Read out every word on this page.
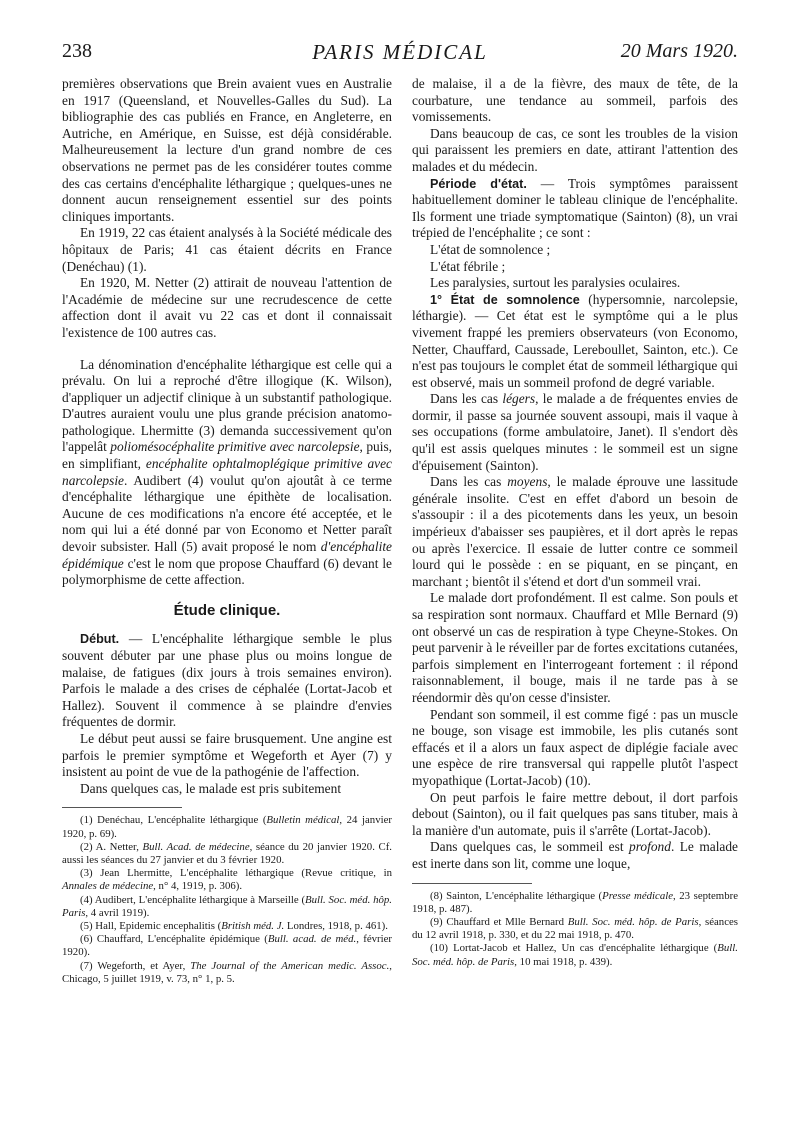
238	PARIS MÉDICAL	20 Mars 1920.

premières observations que Brein avaient vues en Australie en 1917 (Queensland, et Nouvelles-Galles du Sud). La bibliographie des cas publiés en France, en Angleterre, en Autriche, en Amérique, en Suisse, est déjà considérable. Malheureusement la lecture d'un grand nombre de ces observations ne permet pas de les considérer toutes comme des cas certains d'encéphalite léthargique ; quelques-unes ne donnent aucun renseignement essentiel sur des points cliniques importants.

En 1919, 22 cas étaient analysés à la Société médicale des hôpitaux de Paris; 41 cas étaient décrits en France (Denéchau) (1).

En 1920, M. Netter (2) attirait de nouveau l'attention de l'Académie de médecine sur une recrudescence de cette affection dont il avait vu 22 cas et dont il connaissait l'existence de 100 autres cas.

La dénomination d'encéphalite léthargique est celle qui a prévalu. On lui a reproché d'être illogique (K. Wilson), d'appliquer un adjectif clinique à un substantif pathologique. D'autres auraient voulu une plus grande précision anatomo-pathologique. Lhermitte (3) demanda successivement qu'on l'appelât poliomésocéphalite primitive avec narcolepsie, puis, en simplifiant, encéphalite ophtalmoplégique primitive avec narcolepsie. Audibert (4) voulut qu'on ajoutât à ce terme d'encéphalite léthargique une épithète de localisation. Aucune de ces modifications n'a encore été acceptée, et le nom qui lui a été donné par von Economo et Netter paraît devoir subsister. Hall (5) avait proposé le nom d'encéphalite épidémique c'est le nom que propose Chauffard (6) devant le polymorphisme de cette affection.

Étude clinique.

Début. — L'encéphalite léthargique semble le plus souvent débuter par une phase plus ou moins longue de malaise, de fatigues (dix jours à trois semaines environ). Parfois le malade a des crises de céphalée (Lortat-Jacob et Hallez). Souvent il commence à se plaindre d'envies fréquentes de dormir.

Le début peut aussi se faire brusquement. Une angine est parfois le premier symptôme et Wegeforth et Ayer (7) y insistent au point de vue de la pathogénie de l'affection.

Dans quelques cas, le malade est pris subitement

(1) Denéchau, L'encéphalite léthargique (Bulletin médical, 24 janvier 1920, p. 69).

(2) A. Netter, Bull. Acad. de médecine, séance du 20 janvier 1920. Cf. aussi les séances du 27 janvier et du 3 février 1920.

(3) Jean Lhermitte, L'encéphalite léthargique (Revue critique, in Annales de médecine, n° 4, 1919, p. 306).

(4) Audibert, L'encéphalite léthargique à Marseille (Bull. Soc. méd. hôp. Paris, 4 avril 1919).

(5) Hall, Epidemic encephalitis (British méd. J. Londres, 1918, p. 461).

(6) Chauffard, L'encéphalite épidémique (Bull. acad. de méd., février 1920).

(7) Wegeforth, et Ayer, The Journal of the American medic. Assoc., Chicago, 5 juillet 1919, v. 73, n° 1, p. 5.

de malaise, il a de la fièvre, des maux de tête, de la courbature, une tendance au sommeil, parfois des vomissements.

Dans beaucoup de cas, ce sont les troubles de la vision qui paraissent les premiers en date, attirant l'attention des malades et du médecin.

Période d'état. — Trois symptômes paraissent habituellement dominer le tableau clinique de l'encéphalite. Ils forment une triade symptomatique (Sainton) (8), un vrai trépied de l'encéphalite ; ce sont :

L'état de somnolence ;

L'état fébrile ;

Les paralysies, surtout les paralysies oculaires.

1° État de somnolence (hypersomnie, narcolepsie, léthargie). — Cet état est le symptôme qui a le plus vivement frappé les premiers observateurs (von Economo, Netter, Chauffard, Caussade, Lereboullet, Sainton, etc.). Ce n'est pas toujours le complet état de sommeil léthargique qui est observé, mais un sommeil profond de degré variable.

Dans les cas légers, le malade a de fréquentes envies de dormir, il passe sa journée souvent assoupi, mais il vaque à ses occupations (forme ambulatoire, Janet). Il s'endort dès qu'il est assis quelques minutes : le sommeil est un signe d'épuisement (Sainton).

Dans les cas moyens, le malade éprouve une lassitude générale insolite. C'est en effet d'abord un besoin de s'assoupir : il a des picotements dans les yeux, un besoin impérieux d'abaisser ses paupières, et il dort après le repas ou après l'exercice. Il essaie de lutter contre ce sommeil lourd qui le possède : en se piquant, en se pinçant, en marchant ; bientôt il s'étend et dort d'un sommeil vrai.

Le malade dort profondément. Il est calme. Son pouls et sa respiration sont normaux. Chauffard et Mlle Bernard (9) ont observé un cas de respiration à type Cheyne-Stokes. On peut parvenir à le réveiller par de fortes excitations cutanées, parfois simplement en l'interrogeant fortement : il répond raisonnablement, il bouge, mais il ne tarde pas à se réendormir dès qu'on cesse d'insister.

Pendant son sommeil, il est comme figé : pas un muscle ne bouge, son visage est immobile, les plis cutanés sont effacés et il a alors un faux aspect de diplégie faciale avec une espèce de rire transversal qui rappelle plutôt l'aspect myopathique (Lortat-Jacob) (10).

On peut parfois le faire mettre debout, il dort parfois debout (Sainton), ou il fait quelques pas sans tituber, mais à la manière d'un automate, puis il s'arrête (Lortat-Jacob).

Dans quelques cas, le sommeil est profond. Le malade est inerte dans son lit, comme une loque,

(8) Sainton, L'encéphalite léthargique (Presse médicale, 23 septembre 1918, p. 487).

(9) Chauffard et Mlle Bernard Bull. Soc. méd. hôp. de Paris, séances du 12 avril 1918, p. 330, et du 22 mai 1918, p. 470.

(10) Lortat-Jacob et Hallez, Un cas d'encéphalite léthargique (Bull. Soc. méd. hôp. de Paris, 10 mai 1918, p. 439).
